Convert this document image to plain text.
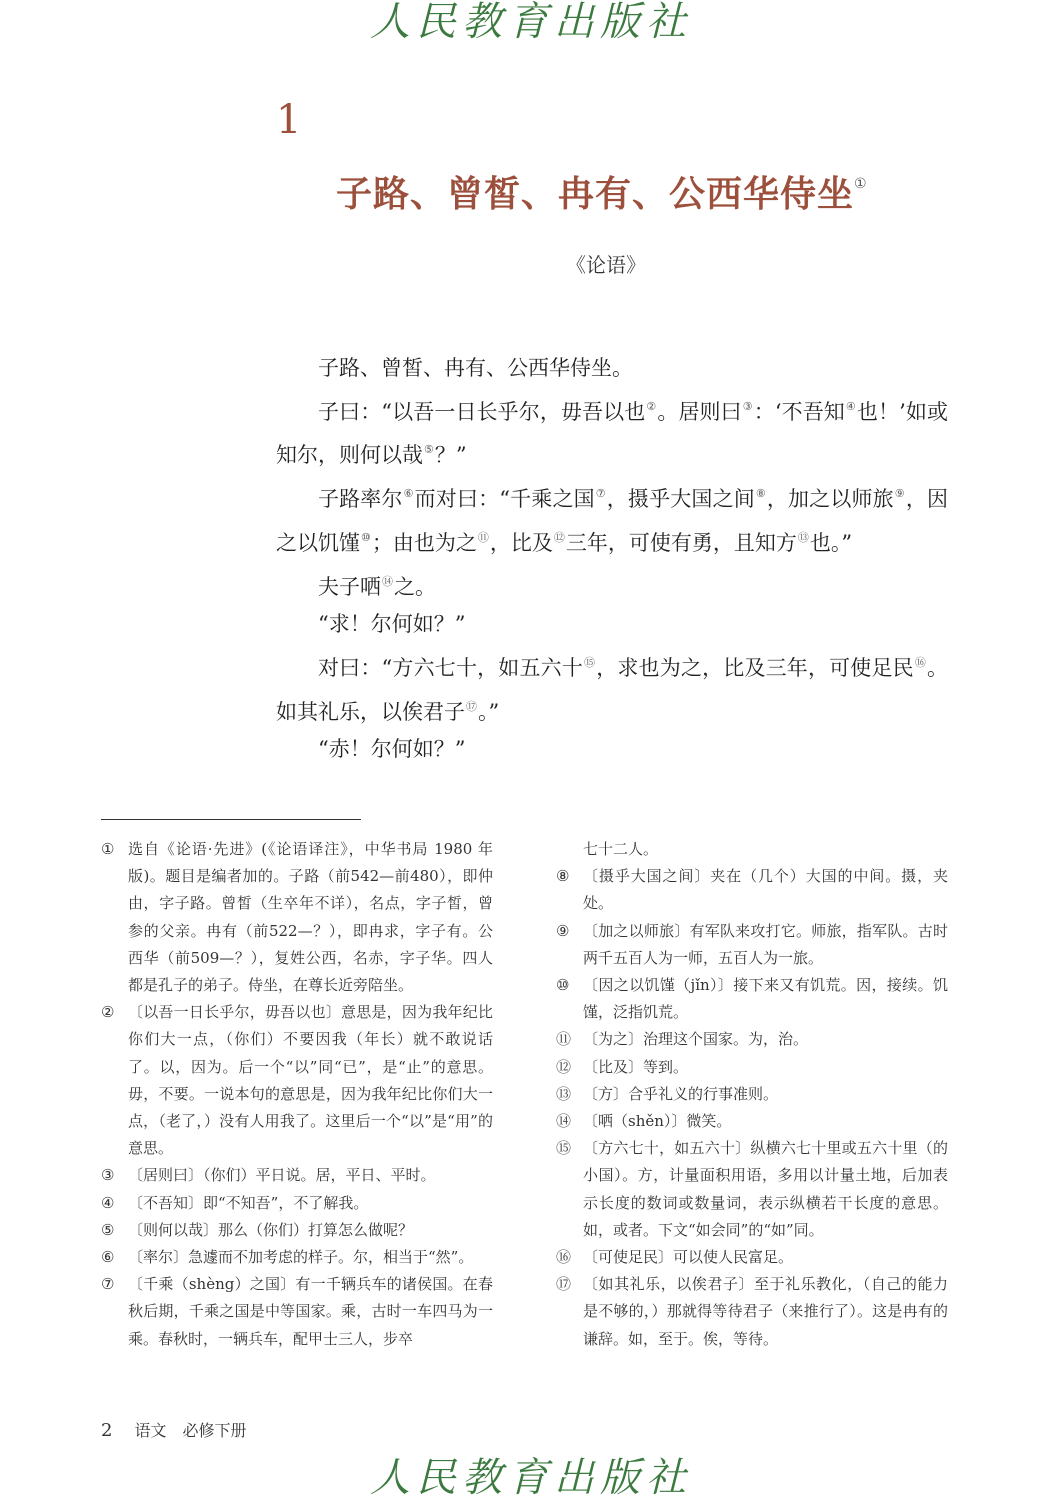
人民教育出版社
1
子路、曾皙、冉有、公西华侍坐①
《论语》

子路、曾皙、冉有、公西华侍坐。

子曰：“以吾一日长乎尔，毋吾以也②。居则曰③：‘不吾知④也！’如或知尔，则何以哉⑤？”

子路率尔⑥而对曰：“千乘之国⑦，摄乎大国之间⑧，加之以师旅⑨，因之以饥馑⑩；由也为之⑪，比及⑫三年，可使有勇，且知方⑬也。”

夫子哂⑭之。

“求！尔何如？”

对曰：“方六七十，如五六十⑮，求也为之，比及三年，可使足民⑯。如其礼乐，以俟君子⑰。”

“赤！尔何如？”

① 选自《论语·先进》(《论语译注》，中华书局 1980 年版)。题目是编者加的。子路（前542—前480），即仲由，字子路。曾皙（生卒年不详），名点，字子皙，曾参的父亲。冉有（前522—？），即冉求，字子有。公西华（前509—？），复姓公西，名赤，字子华。四人都是孔子的弟子。侍坐，在尊长近旁陪坐。
② 〔以吾一日长乎尔，毋吾以也〕意思是，因为我年纪比你们大一点，（你们）不要因我（年长）就不敢说话了。以，因为。后一个“以”同“已”，是“止”的意思。毋，不要。一说本句的意思是，因为我年纪比你们大一点，（老了，）没有人用我了。这里后一个“以”是“用”的意思。
③ 〔居则曰〕（你们）平日说。居，平日、平时。
④ 〔不吾知〕即“不知吾”，不了解我。
⑤ 〔则何以哉〕那么（你们）打算怎么做呢？
⑥ 〔率尔〕急遽而不加考虑的样子。尔，相当于“然”。
⑦ 〔千乘（shèng）之国〕有一千辆兵车的诸侯国。在春秋后期，千乘之国是中等国家。乘，古时一车四马为一乘。春秋时，一辆兵车，配甲士三人，步卒
七十二人。
⑧ 〔摄乎大国之间〕夹在（几个）大国的中间。摄，夹处。
⑨ 〔加之以师旅〕有军队来攻打它。师旅，指军队。古时两千五百人为一师，五百人为一旅。
⑩ 〔因之以饥馑（jǐn）〕接下来又有饥荒。因，接续。饥馑，泛指饥荒。
⑪ 〔为之〕治理这个国家。为，治。
⑫ 〔比及〕等到。
⑬ 〔方〕合乎礼义的行事准则。
⑭ 〔哂（shěn）〕微笑。
⑮ 〔方六七十，如五六十〕纵横六七十里或五六十里（的小国）。方，计量面积用语，多用以计量土地，后加表示长度的数词或数量词，表示纵横若干长度的意思。如，或者。下文“如会同”的“如”同。
⑯ 〔可使足民〕可以使人民富足。
⑰ 〔如其礼乐，以俟君子〕至于礼乐教化，（自己的能力是不够的，）那就得等待君子（来推行了）。这是冉有的谦辞。如，至于。俟，等待。
2 语文　必修下册
人民教育出版社
